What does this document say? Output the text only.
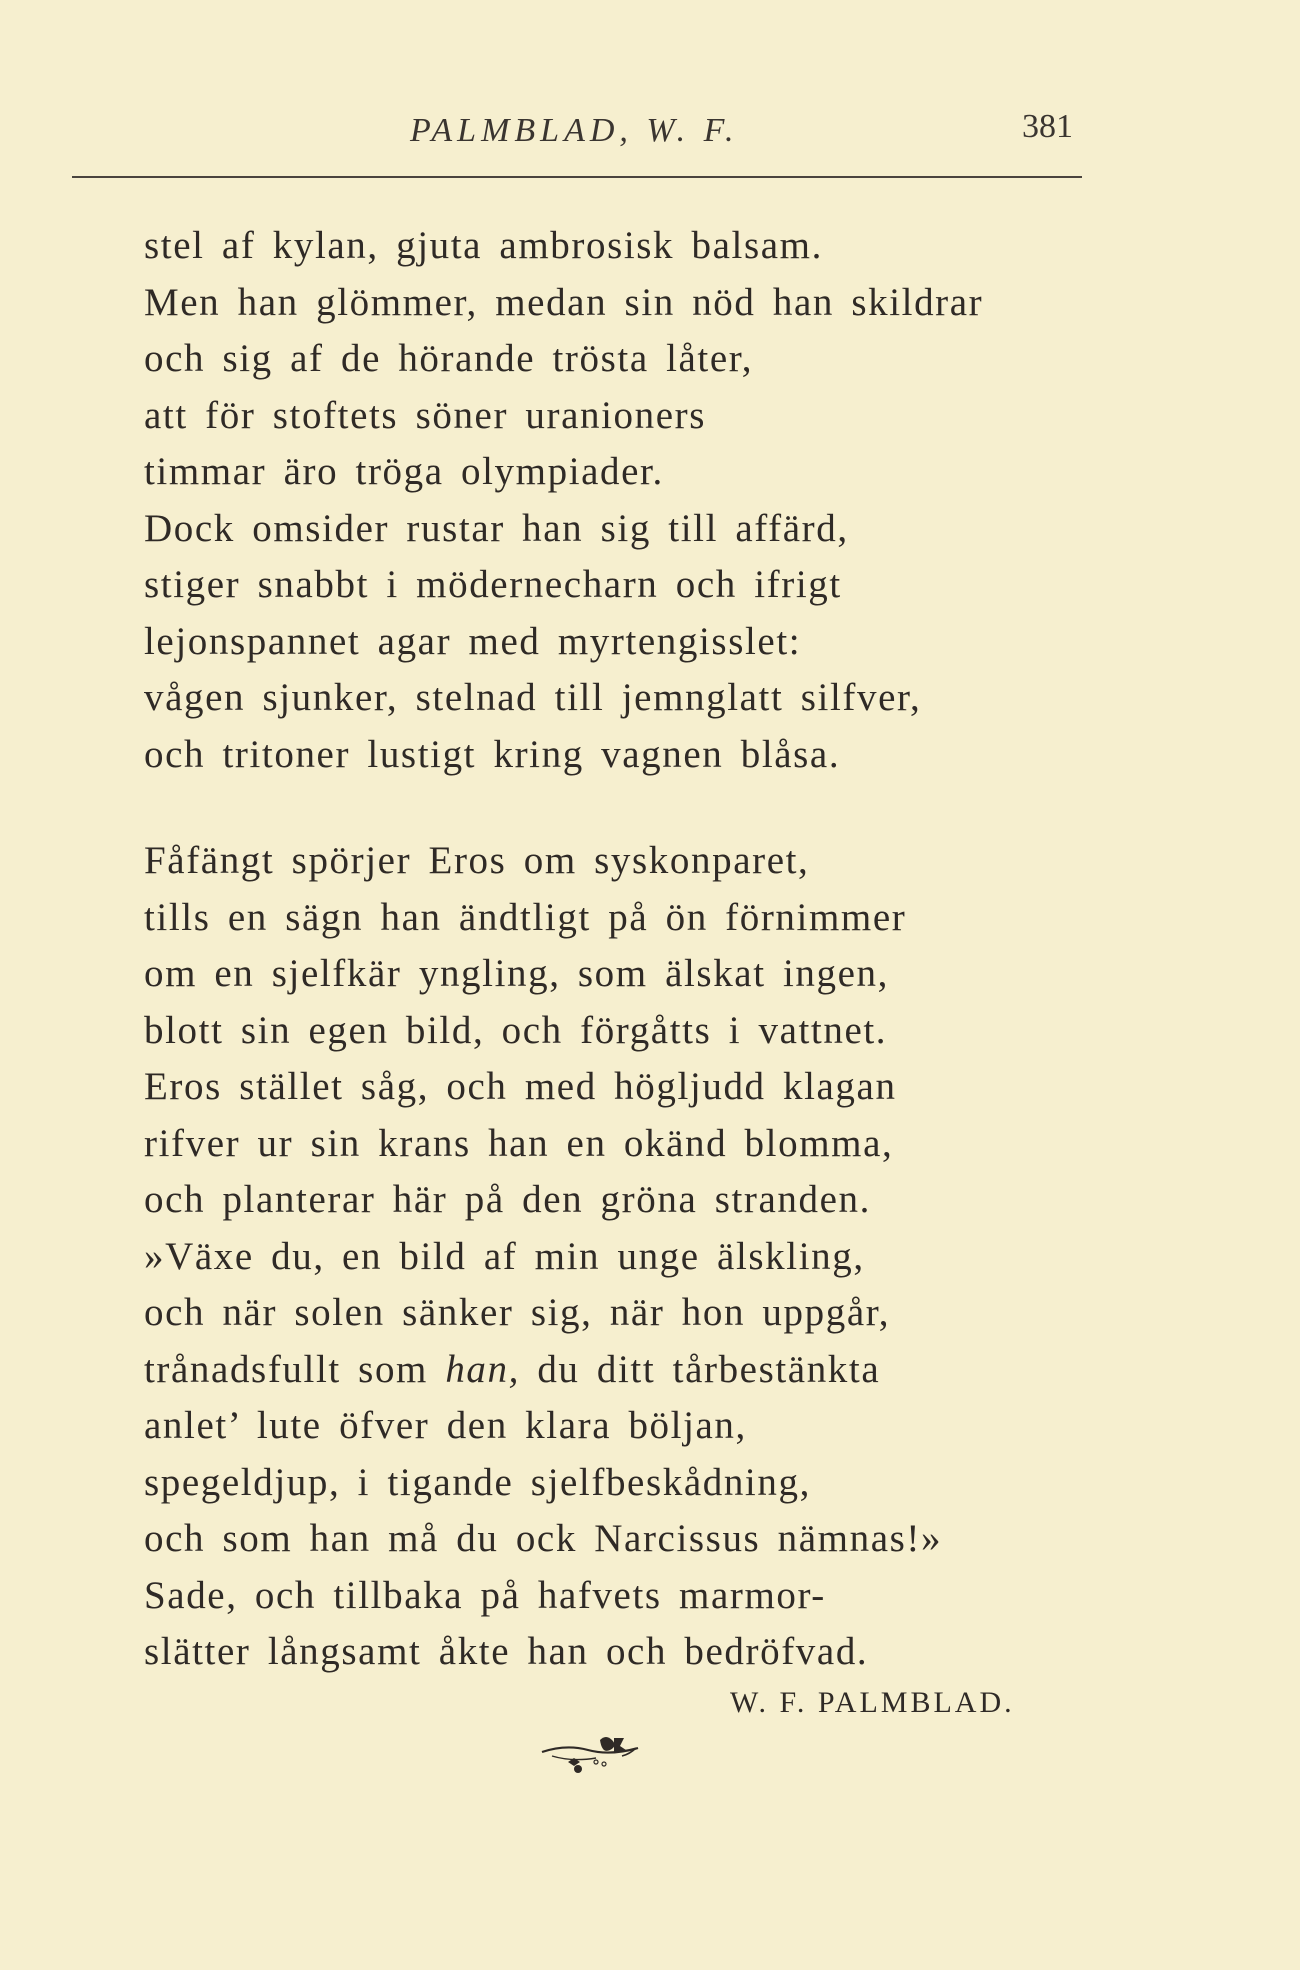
PALMBLAD, W. F.	381
stel af kylan, gjuta ambrosisk balsam.
Men han glömmer, medan sin nöd han skildrar
och sig af de hörande trösta låter,
att för stoftets söner uranioners
timmar äro tröga olympiader.
Dock omsider rustar han sig till affärd,
stiger snabbt i mödernecharn och ifrigt
lejonspannet agar med myrtengisslet:
vågen sjunker, stelnad till jemnglatt silfver,
och tritoner lustigt kring vagnen blåsa.
Fåfängt spörjer Eros om syskonparet,
tills en sägn han ändtligt på ön förnimmer
om en sjelfkär yngling, som älskat ingen,
blott sin egen bild, och förgåtts i vattnet.
Eros stället såg, och med högljudd klagan
rifver ur sin krans han en okänd blomma,
och planterar här på den gröna stranden.
»Växe du, en bild af min unge älskling,
och när solen sänker sig, när hon uppgår,
trånadsfullt som han, du ditt tårbestänkta
anlet’ lute öfver den klara böljan,
spegeldjup, i tigande sjelfbeskådning,
och som han må du ock Narcissus nämnas!»
Sade, och tillbaka på hafvets marmor-
slätter långsamt åkte han och bedröfvad.
W. F. PALMBLAD.
